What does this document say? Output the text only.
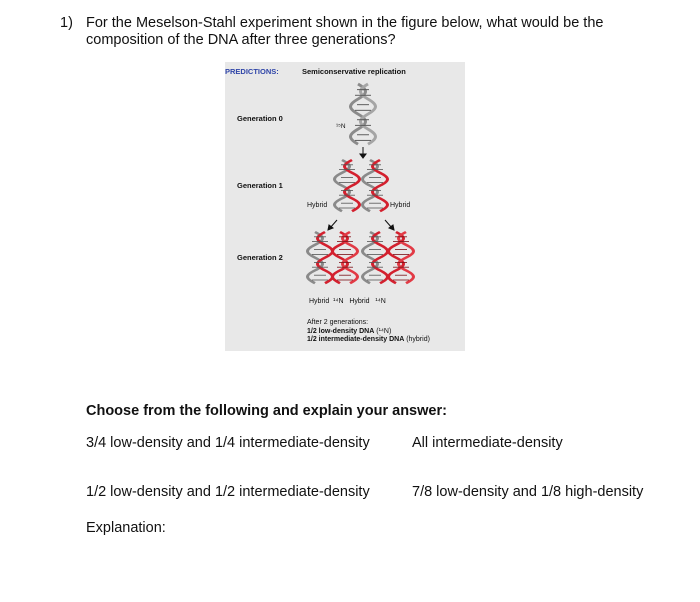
1) For the Meselson-Stahl experiment shown in the figure below, what would be the composition of the DNA after three generations?
PREDICTIONS:	Semiconservative replication
Generation 0
Generation 1
Generation 2
¹⁵N
Hybrid	Hybrid
Hybrid  ¹⁴N   Hybrid   ¹⁴N
After 2 generations:
1/2 low-density DNA (¹⁴N)
1/2 intermediate-density DNA (hybrid)
Choose from the following and explain your answer:
3/4 low-density and 1/4 intermediate-density	All intermediate-density
1/2 low-density and 1/2 intermediate-density	7/8 low-density and 1/8 high-density
Explanation:
